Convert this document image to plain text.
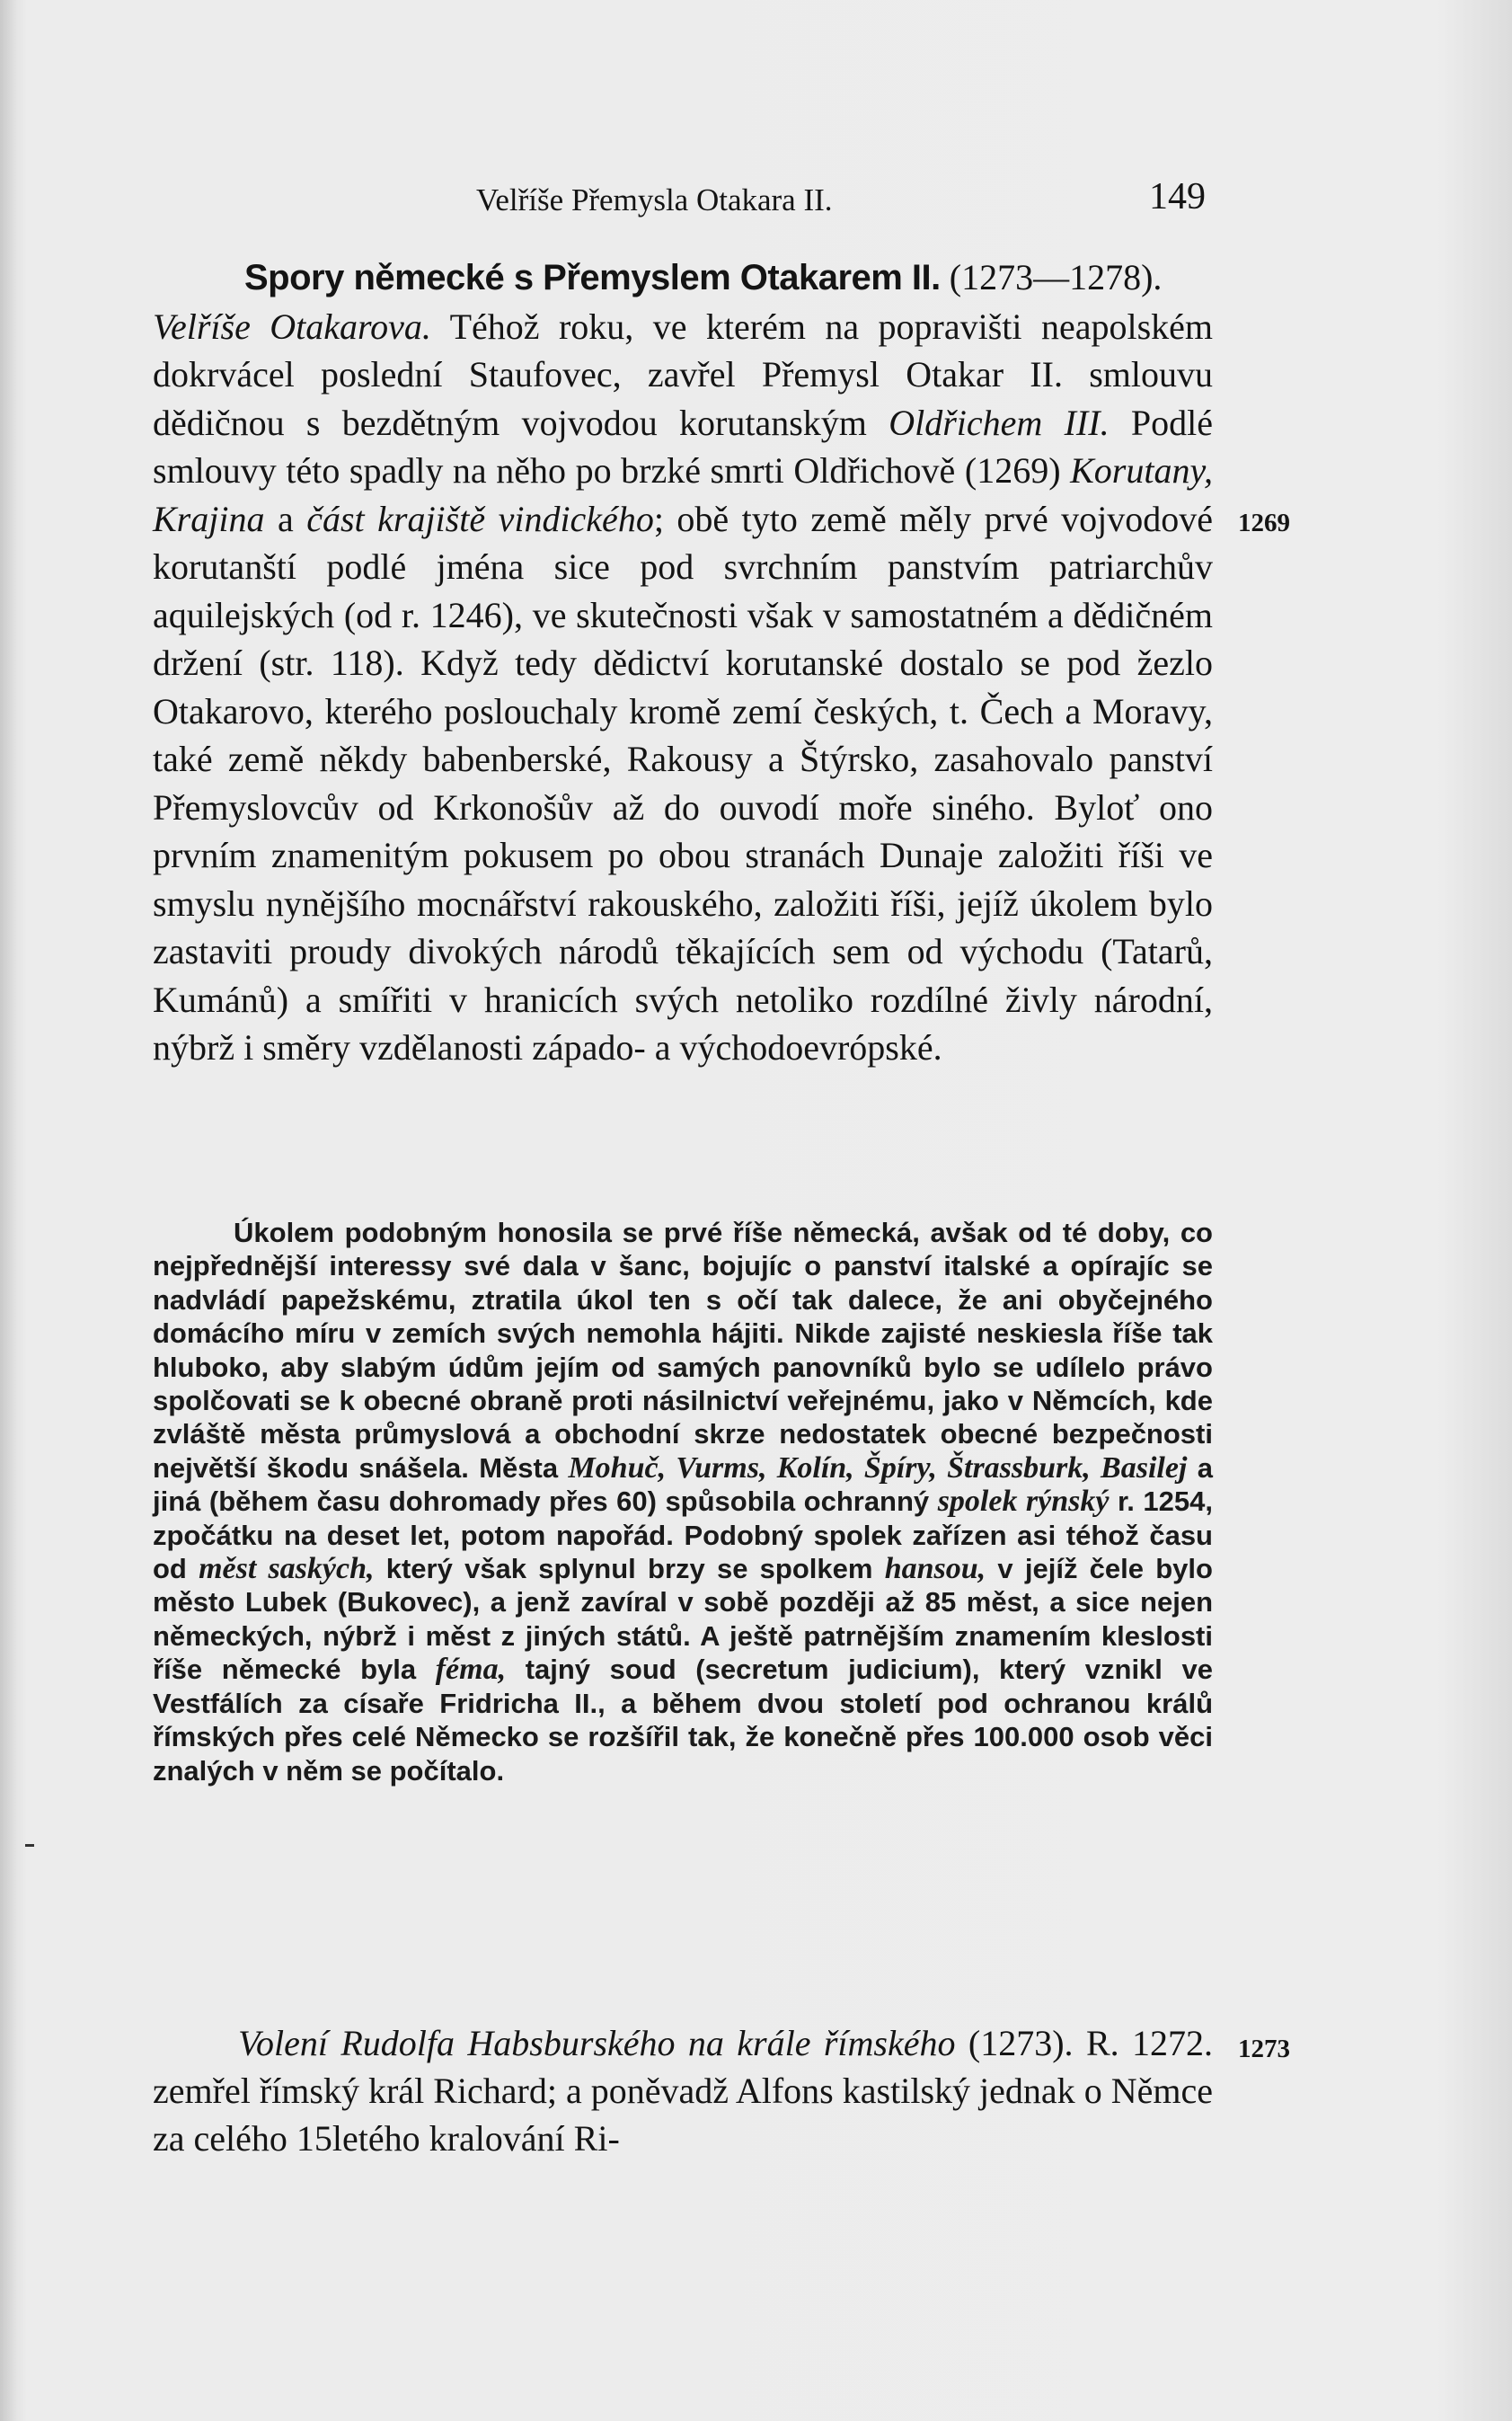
Velříše Přemysla Otakara II.	149

Spory německé s Přemyslem Otakarem II. (1273—1278).
Velříše Otakarova. Téhož roku, ve kterém na popravišti neapolském dokrvácel poslední Staufovec, zavřel Přemysl Otakar II. smlouvu dědičnou s bezdětným vojvodou korutanským Oldřichem III. Podlé smlouvy této spadly na něho po brzké smrti Oldřichově (1269) Korutany, Krajina a část krajiště vindického; obě tyto země měly prvé vojvodové korutanští podlé jména sice pod svrchním panstvím patriarchův aquilejských (od r. 1246), ve skutečnosti však v samostatném a dědičném držení (str. 118). Když tedy dědictví korutanské dostalo se pod žezlo Otakarovo, kterého poslouchaly kromě zemí českých, t. Čech a Moravy, také země někdy babenberské, Rakousy a Štýrsko, zasahovalo panství Přemyslovcův od Krkonošův až do ouvodí moře siného. Byloť ono prvním znamenitým pokusem po obou stranách Dunaje založiti říši ve smyslu nynějšího mocnářství rakouského, založiti říši, jejíž úkolem bylo zastaviti proudy divokých národů těkajících sem od východu (Tatarů, Kumánů) a smířiti v hranicích svých netoliko rozdílné živly národní, nýbrž i směry vzdělanosti západo- a východoevrópské.

1269

Úkolem podobným honosila se prvé říše německá, avšak od té doby, co nejpřednější interessy své dala v šanc, bojujíc o panství italské a opírajíc se nadvládí papežskému, ztratila úkol ten s očí tak dalece, že ani obyčejného domácího míru v zemích svých nemohla hájiti. Nikde zajisté neskiesla říše tak hluboko, aby slabým údům jejím od samých panovníků bylo se udílelo právo spolčovati se k obecné obraně proti násilnictví veřejnému, jako v Němcích, kde zvláště města průmyslová a obchodní skrze nedostatek obecné bezpečnosti největší škodu snášela. Města Mohuč, Vurms, Kolín, Špíry, Štrassburk, Basilej a jiná (během času dohromady přes 60) spůsobila ochranný spolek rýnský r. 1254, zpočátku na deset let, potom napořád. Podobný spolek zařízen asi téhož času od měst saských, který však splynul brzy se spolkem hansou, v jejíž čele bylo město Lubek (Bukovec), a jenž zavíral v sobě později až 85 měst, a sice nejen německých, nýbrž i měst z jiných států. A ještě patrnějším znamením kleslosti říše německé byla féma, tajný soud (secretum judicium), který vznikl ve Vestfálích za císaře Fridricha II., a během dvou století pod ochranou králů římských přes celé Německo se rozšířil tak, že konečně přes 100.000 osob věci znalých v něm se počítalo.

Volení Rudolfa Habsburského na krále římského (1273). R. 1272. zemřel římský král Richard; a poněvadž Alfons kastilský jednak o Němce za celého 15letého kralování Ri-

1273
